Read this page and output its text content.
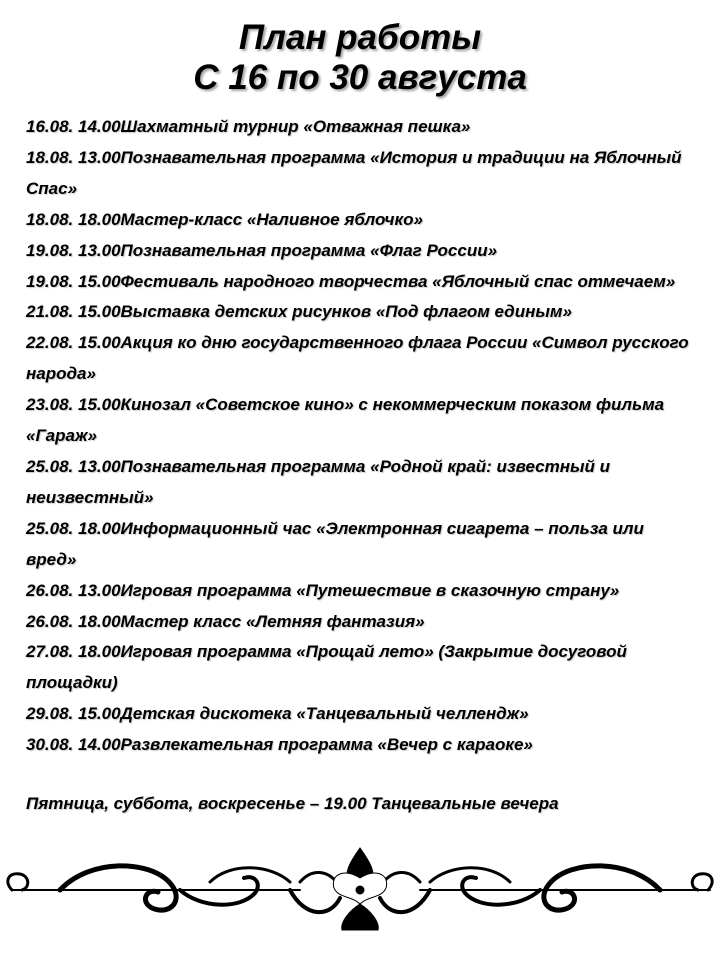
План работы
С 16 по 30 августа
16.08. 14.00Шахматный турнир «Отважная пешка»
18.08. 13.00Познавательная программа «История и традиции на Яблочный Спас»
18.08. 18.00Мастер-класс «Наливное яблочко»
19.08. 13.00Познавательная программа «Флаг России»
19.08. 15.00Фестиваль народного творчества «Яблочный спас отмечаем»
21.08. 15.00Выставка детских рисунков «Под флагом единым»
22.08. 15.00Акция ко дню государственного флага России «Символ русского народа»
23.08. 15.00Кинозал «Советское кино» с некоммерческим показом фильма «Гараж»
25.08. 13.00Познавательная программа «Родной край: известный и неизвестный»
25.08. 18.00Информационный час «Электронная сигарета – польза или вред»
26.08. 13.00Игровая программа «Путешествие в сказочную страну»
26.08. 18.00Мастер класс «Летняя фантазия»
27.08. 18.00Игровая программа «Прощай лето» (Закрытие досуговой площадки)
29.08. 15.00Детская дискотека «Танцевальный челлендж»
30.08. 14.00Развлекательная программа «Вечер с караоке»
Пятница, суббота, воскресенье – 19.00 Танцевальные вечера
